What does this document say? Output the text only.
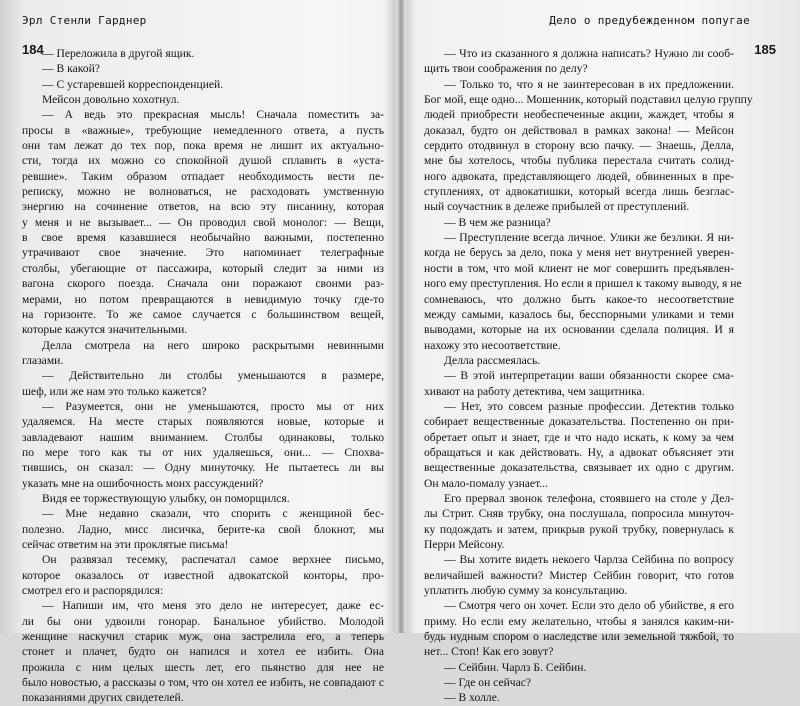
Эрл Стенли Гарднер
184
— Переложила в другой ящик.
— В какой?
— С устаревшей корреспонденцией.
Мейсон довольно хохотнул.
— А ведь это прекрасная мысль! Сначала поместить за-
просы в «важные», требующие немедленного ответа, а пусть
они там лежат до тех пор, пока время не лишит их актуально-
сти, тогда их можно со спокойной душой сплавить в «уста-
ревшие». Таким образом отпадает необходимость вести пе-
реписку, можно не волноваться, не расходовать умственную
энергию на сочинение ответов, на всю эту писанину, которая
у меня и не вызывает... — Он проводил свой монолог: — Вещи,
в свое время казавшиеся необычайно важными, постепенно
утрачивают свое значение. Это напоминает телеграфные
столбы, убегающие от пассажира, который следит за ними из
вагона скорого поезда. Сначала они поражают своими раз-
мерами, но потом превращаются в невидимую точку где-то
на горизонте. То же самое случается с большинством вещей,
которые кажутся значительными.
Делла смотрела на него широко раскрытыми невинными
глазами.
— Действительно ли столбы уменьшаются в размере,
шеф, или же нам это только кажется?
— Разумеется, они не уменьшаются, просто мы от них
удаляемся. На месте старых появляются новые, которые и
завладевают нашим вниманием. Столбы одинаковы, только
по мере того как ты от них удаляешься, они... — Спохва-
тившись, он сказал: — Одну минуточку. Не пытаетесь ли вы
указать мне на ошибочность моих рассуждений?
Видя ее торжествующую улыбку, он поморщился.
— Мне недавно сказали, что спорить с женщиной бес-
полезно. Ладно, мисс лисичка, берите-ка свой блокнот, мы
сейчас ответим на эти проклятые письма!
Он развязал тесемку, распечатал самое верхнее письмо,
которое оказалось от известной адвокатской конторы, про-
смотрел его и распорядился:
— Напиши им, что меня это дело не интересует, даже ес-
ли бы они удвоили гонорар. Банальное убийство. Молодой
женщине наскучил старик муж, она застрелила его, а теперь
стонет и плачет, будто он напился и хотел ее избить. Она
прожила с ним целых шесть лет, его пьянство для нее не
было новостью, а рассказы о том, что он хотел ее избить, не совпадают с
показаниями других свидетелей.
Дело о предубежденном попугае
185
— Что из сказанного я должна написать? Нужно ли сооб-
щить твои соображения по делу?
— Только то, что я не заинтересован в их предложении.
Бог мой, еще одно... Мошенник, который подставил целую группу
людей приобрести необеспеченные акции, жаждет, чтобы я
доказал, будто он действовал в рамках закона! — Мейсон
сердито отодвинул в сторону всю пачку. — Знаешь, Делла,
мне бы хотелось, чтобы публика перестала считать солид-
ного адвоката, представляющего людей, обвиненных в пре-
ступлениях, от адвокатишки, который всегда лишь безглас-
ный соучастник в дележе прибылей от преступлений.
— В чем же разница?
— Преступление всегда личное. Улики же безлики. Я ни-
когда не берусь за дело, пока у меня нет внутренней уверен-
ности в том, что мой клиент не мог совершить предъявлен-
ного ему преступления. Но если я пришел к такому выводу, я не
сомневаюсь, что должно быть какое-то несоответствие
между самыми, казалось бы, бесспорными уликами и теми
выводами, которые на их основании сделала полиция. И я
нахожу это несоответствие.
Делла рассмеялась.
— В этой интерпретации ваши обязанности скорее сма-
хивают на работу детектива, чем защитника.
— Нет, это совсем разные профессии. Детектив только
собирает вещественные доказательства. Постепенно он при-
обретает опыт и знает, где и что надо искать, к кому за чем
обращаться и как действовать. Ну, а адвокат объясняет эти
вещественные доказательства, связывает их одно с другим.
Он мало-помалу узнает...
Его прервал звонок телефона, стоявшего на столе у Дел-
лы Стрит. Сняв трубку, она послушала, попросила минуточ-
ку подождать и затем, прикрыв рукой трубку, повернулась к
Перри Мейсону.
— Вы хотите видеть некоего Чарлза Сейбина по вопросу
величайшей важности? Мистер Сейбин говорит, что готов
уплатить любую сумму за консультацию.
— Смотря чего он хочет. Если это дело об убийстве, я его
приму. Но если ему желательно, чтобы я занялся каким-ни-
будь нудным спором о наследстве или земельной тяжбой, то
нет... Стоп! Как его зовут?
— Сейбин. Чарлз Б. Сейбин.
— Где он сейчас?
— В холле.
